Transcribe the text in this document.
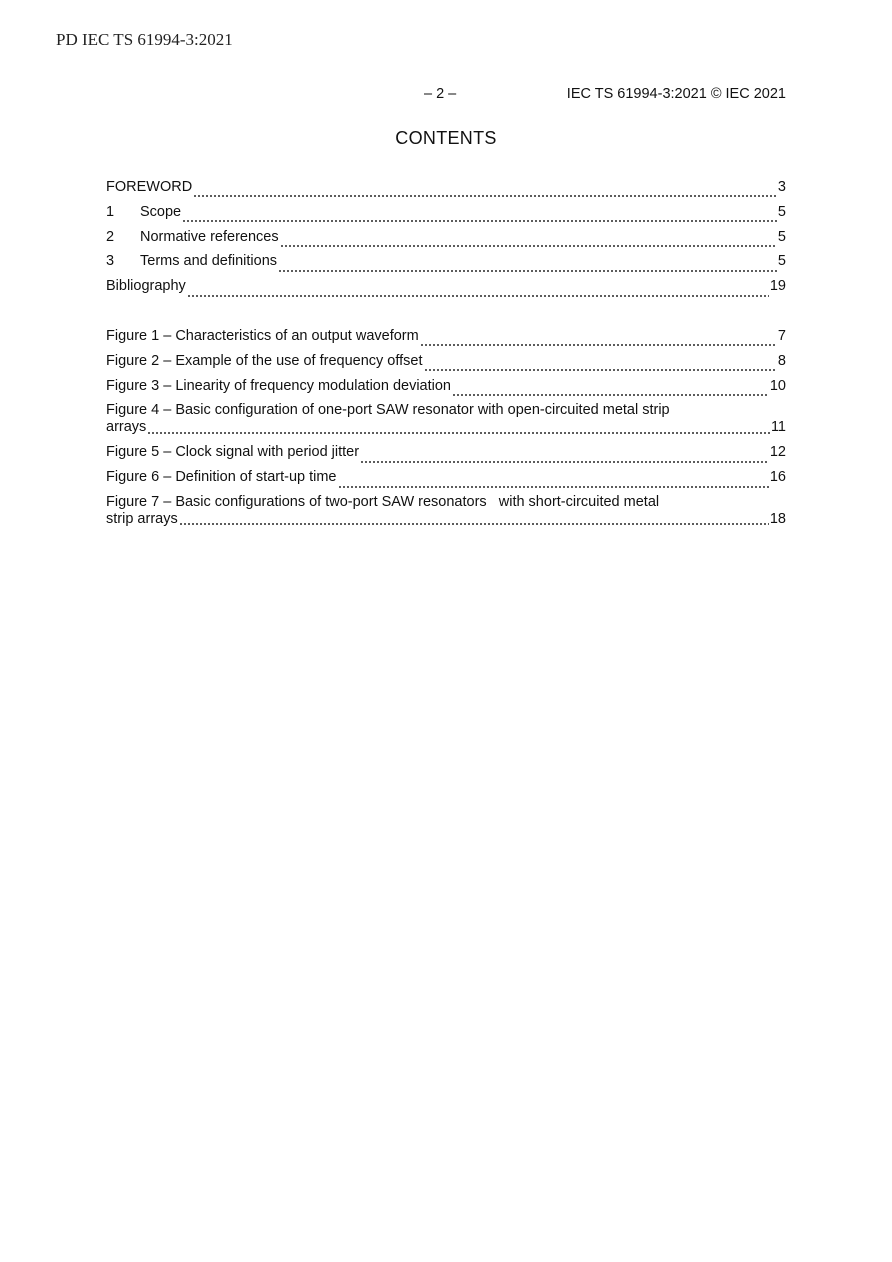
PD IEC TS 61994-3:2021
– 2 –	IEC TS 61994-3:2021 © IEC 2021
CONTENTS
FOREWORD	3
1	Scope	5
2	Normative references	5
3	Terms and definitions	5
Bibliography	19
Figure 1 – Characteristics of an output waveform	7
Figure 2 – Example of the use of frequency offset	8
Figure 3 – Linearity of frequency modulation deviation	10
Figure 4 – Basic configuration of one-port SAW resonator with open-circuited metal strip
arrays	11
Figure 5 – Clock signal with period jitter	12
Figure 6 – Definition of start-up time	16
Figure 7 – Basic configurations of two-port SAW resonators   with short-circuited metal
strip arrays	18
